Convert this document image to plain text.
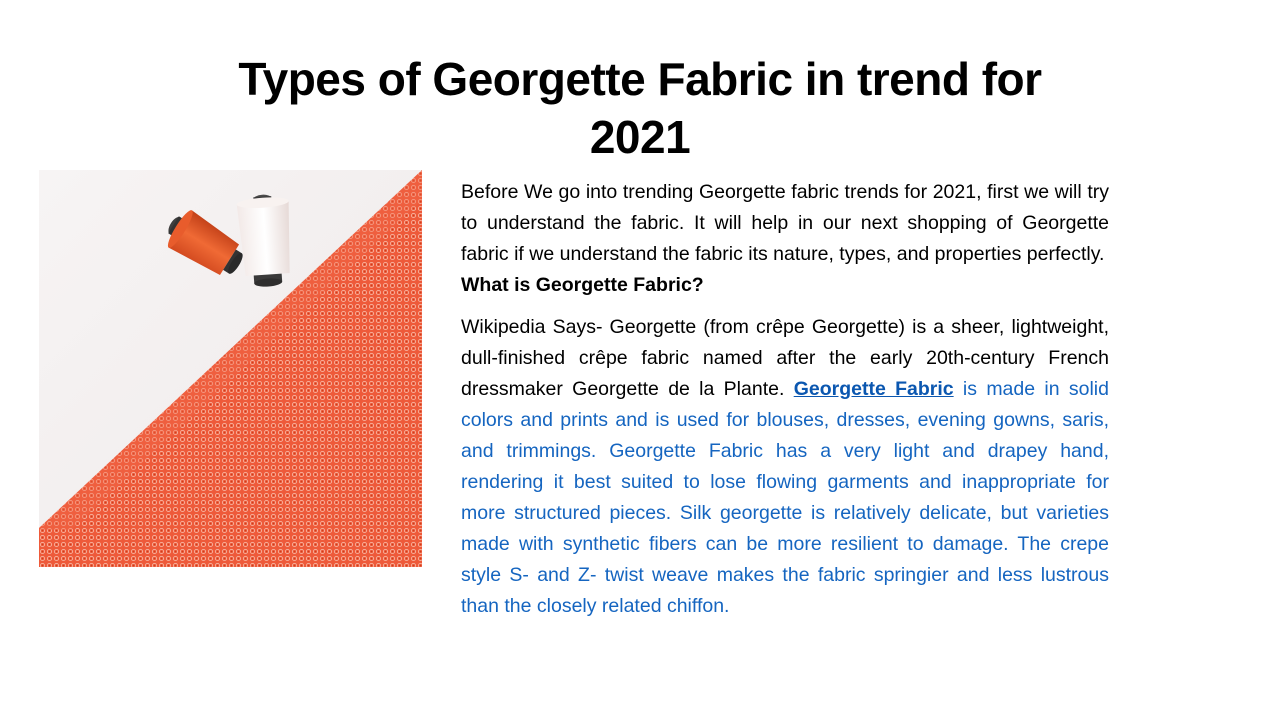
Types of Georgette Fabric in trend for 2021

Before We go into trending Georgette fabric trends for 2021, first we will try to understand the fabric. It will help in our next shopping of Georgette fabric if we understand the fabric its nature, types, and properties perfectly.
What is Georgette Fabric?

Wikipedia Says- Georgette (from crêpe Georgette) is a sheer, lightweight, dull-finished crêpe fabric named after the early 20th-century French dressmaker Georgette de la Plante. Georgette Fabric is made in solid colors and prints and is used for blouses, dresses, evening gowns, saris, and trimmings. Georgette Fabric has a very light and drapey hand, rendering it best suited to lose flowing garments and inappropriate for more structured pieces. Silk georgette is relatively delicate, but varieties made with synthetic fibers can be more resilient to damage. The crepe style S- and Z- twist weave makes the fabric springier and less lustrous than the closely related chiffon.
